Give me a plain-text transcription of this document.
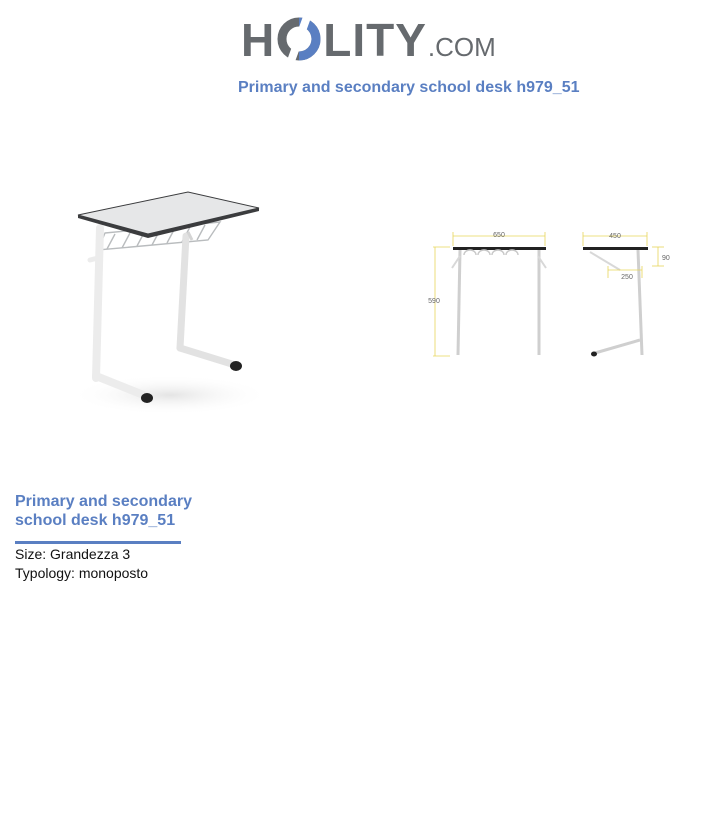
H LITY .COM
Primary and secondary school desk h979_51
650
590
450
90
250
Primary and secondary school desk h979_51
Size: Grandezza 3
Typology: monoposto
